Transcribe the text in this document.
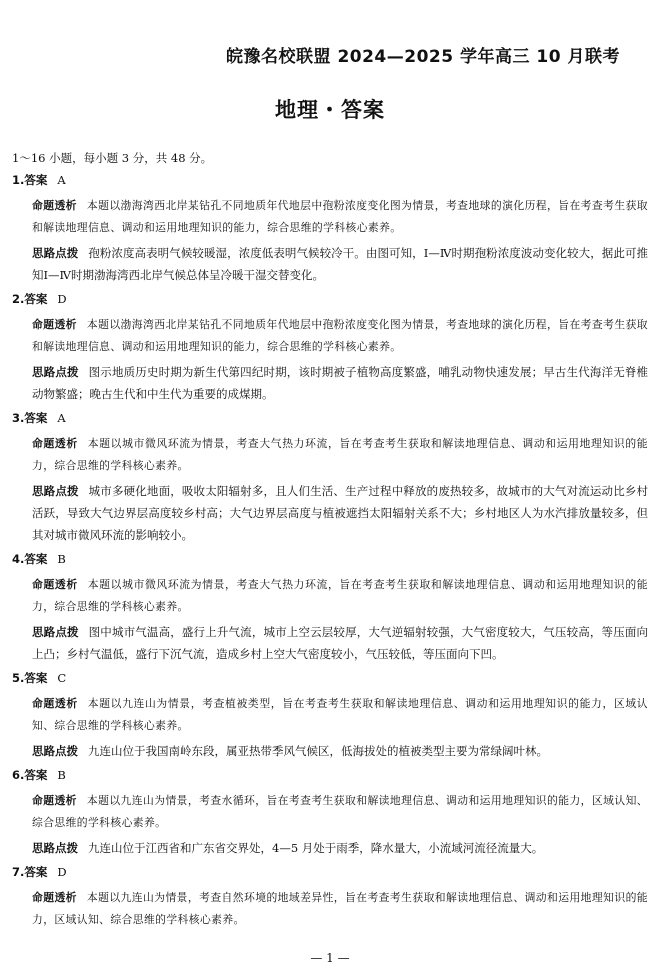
皖豫名校联盟 2024—2025 学年高三 10 月联考
地理・答案

1～16 小题，每小题 3 分，共 48 分。

1.答案 A

命题透析 本题以渤海湾西北岸某钻孔不同地质年代地层中孢粉浓度变化图为情景，考查地球的演化历程，旨在考查考生获取和解读地理信息、调动和运用地理知识的能力，综合思维的学科核心素养。

思路点拨 孢粉浓度高表明气候较暖湿，浓度低表明气候较冷干。由图可知，Ⅰ—Ⅳ时期孢粉浓度波动变化较大，据此可推知Ⅰ—Ⅳ时期渤海湾西北岸气候总体呈冷暖干湿交替变化。

2.答案 D

命题透析 本题以渤海湾西北岸某钻孔不同地质年代地层中孢粉浓度变化图为情景，考查地球的演化历程，旨在考查考生获取和解读地理信息、调动和运用地理知识的能力，综合思维的学科核心素养。

思路点拨 图示地质历史时期为新生代第四纪时期，该时期被子植物高度繁盛，哺乳动物快速发展；早古生代海洋无脊椎动物繁盛；晚古生代和中生代为重要的成煤期。

3.答案 A

命题透析 本题以城市微风环流为情景，考查大气热力环流，旨在考查考生获取和解读地理信息、调动和运用地理知识的能力，综合思维的学科核心素养。

思路点拨 城市多硬化地面，吸收太阳辐射多，且人们生活、生产过程中释放的废热较多，故城市的大气对流运动比乡村活跃，导致大气边界层高度较乡村高；大气边界层高度与植被遮挡太阳辐射关系不大；乡村地区人为水汽排放量较多，但其对城市微风环流的影响较小。

4.答案 B

命题透析 本题以城市微风环流为情景，考查大气热力环流，旨在考查考生获取和解读地理信息、调动和运用地理知识的能力，综合思维的学科核心素养。

思路点拨 图中城市气温高，盛行上升气流，城市上空云层较厚，大气逆辐射较强，大气密度较大，气压较高，等压面向上凸；乡村气温低，盛行下沉气流，造成乡村上空大气密度较小，气压较低，等压面向下凹。

5.答案 C

命题透析 本题以九连山为情景，考查植被类型，旨在考查考生获取和解读地理信息、调动和运用地理知识的能力，区域认知、综合思维的学科核心素养。

思路点拨 九连山位于我国南岭东段，属亚热带季风气候区，低海拔处的植被类型主要为常绿阔叶林。

6.答案 B

命题透析 本题以九连山为情景，考查水循环，旨在考查考生获取和解读地理信息、调动和运用地理知识的能力，区域认知、综合思维的学科核心素养。

思路点拨 九连山位于江西省和广东省交界处，4—5 月处于雨季，降水量大，小流域河流径流量大。

7.答案 D

命题透析 本题以九连山为情景，考查自然环境的地域差异性，旨在考查考生获取和解读地理信息、调动和运用地理知识的能力，区域认知、综合思维的学科核心素养。

— 1 —
